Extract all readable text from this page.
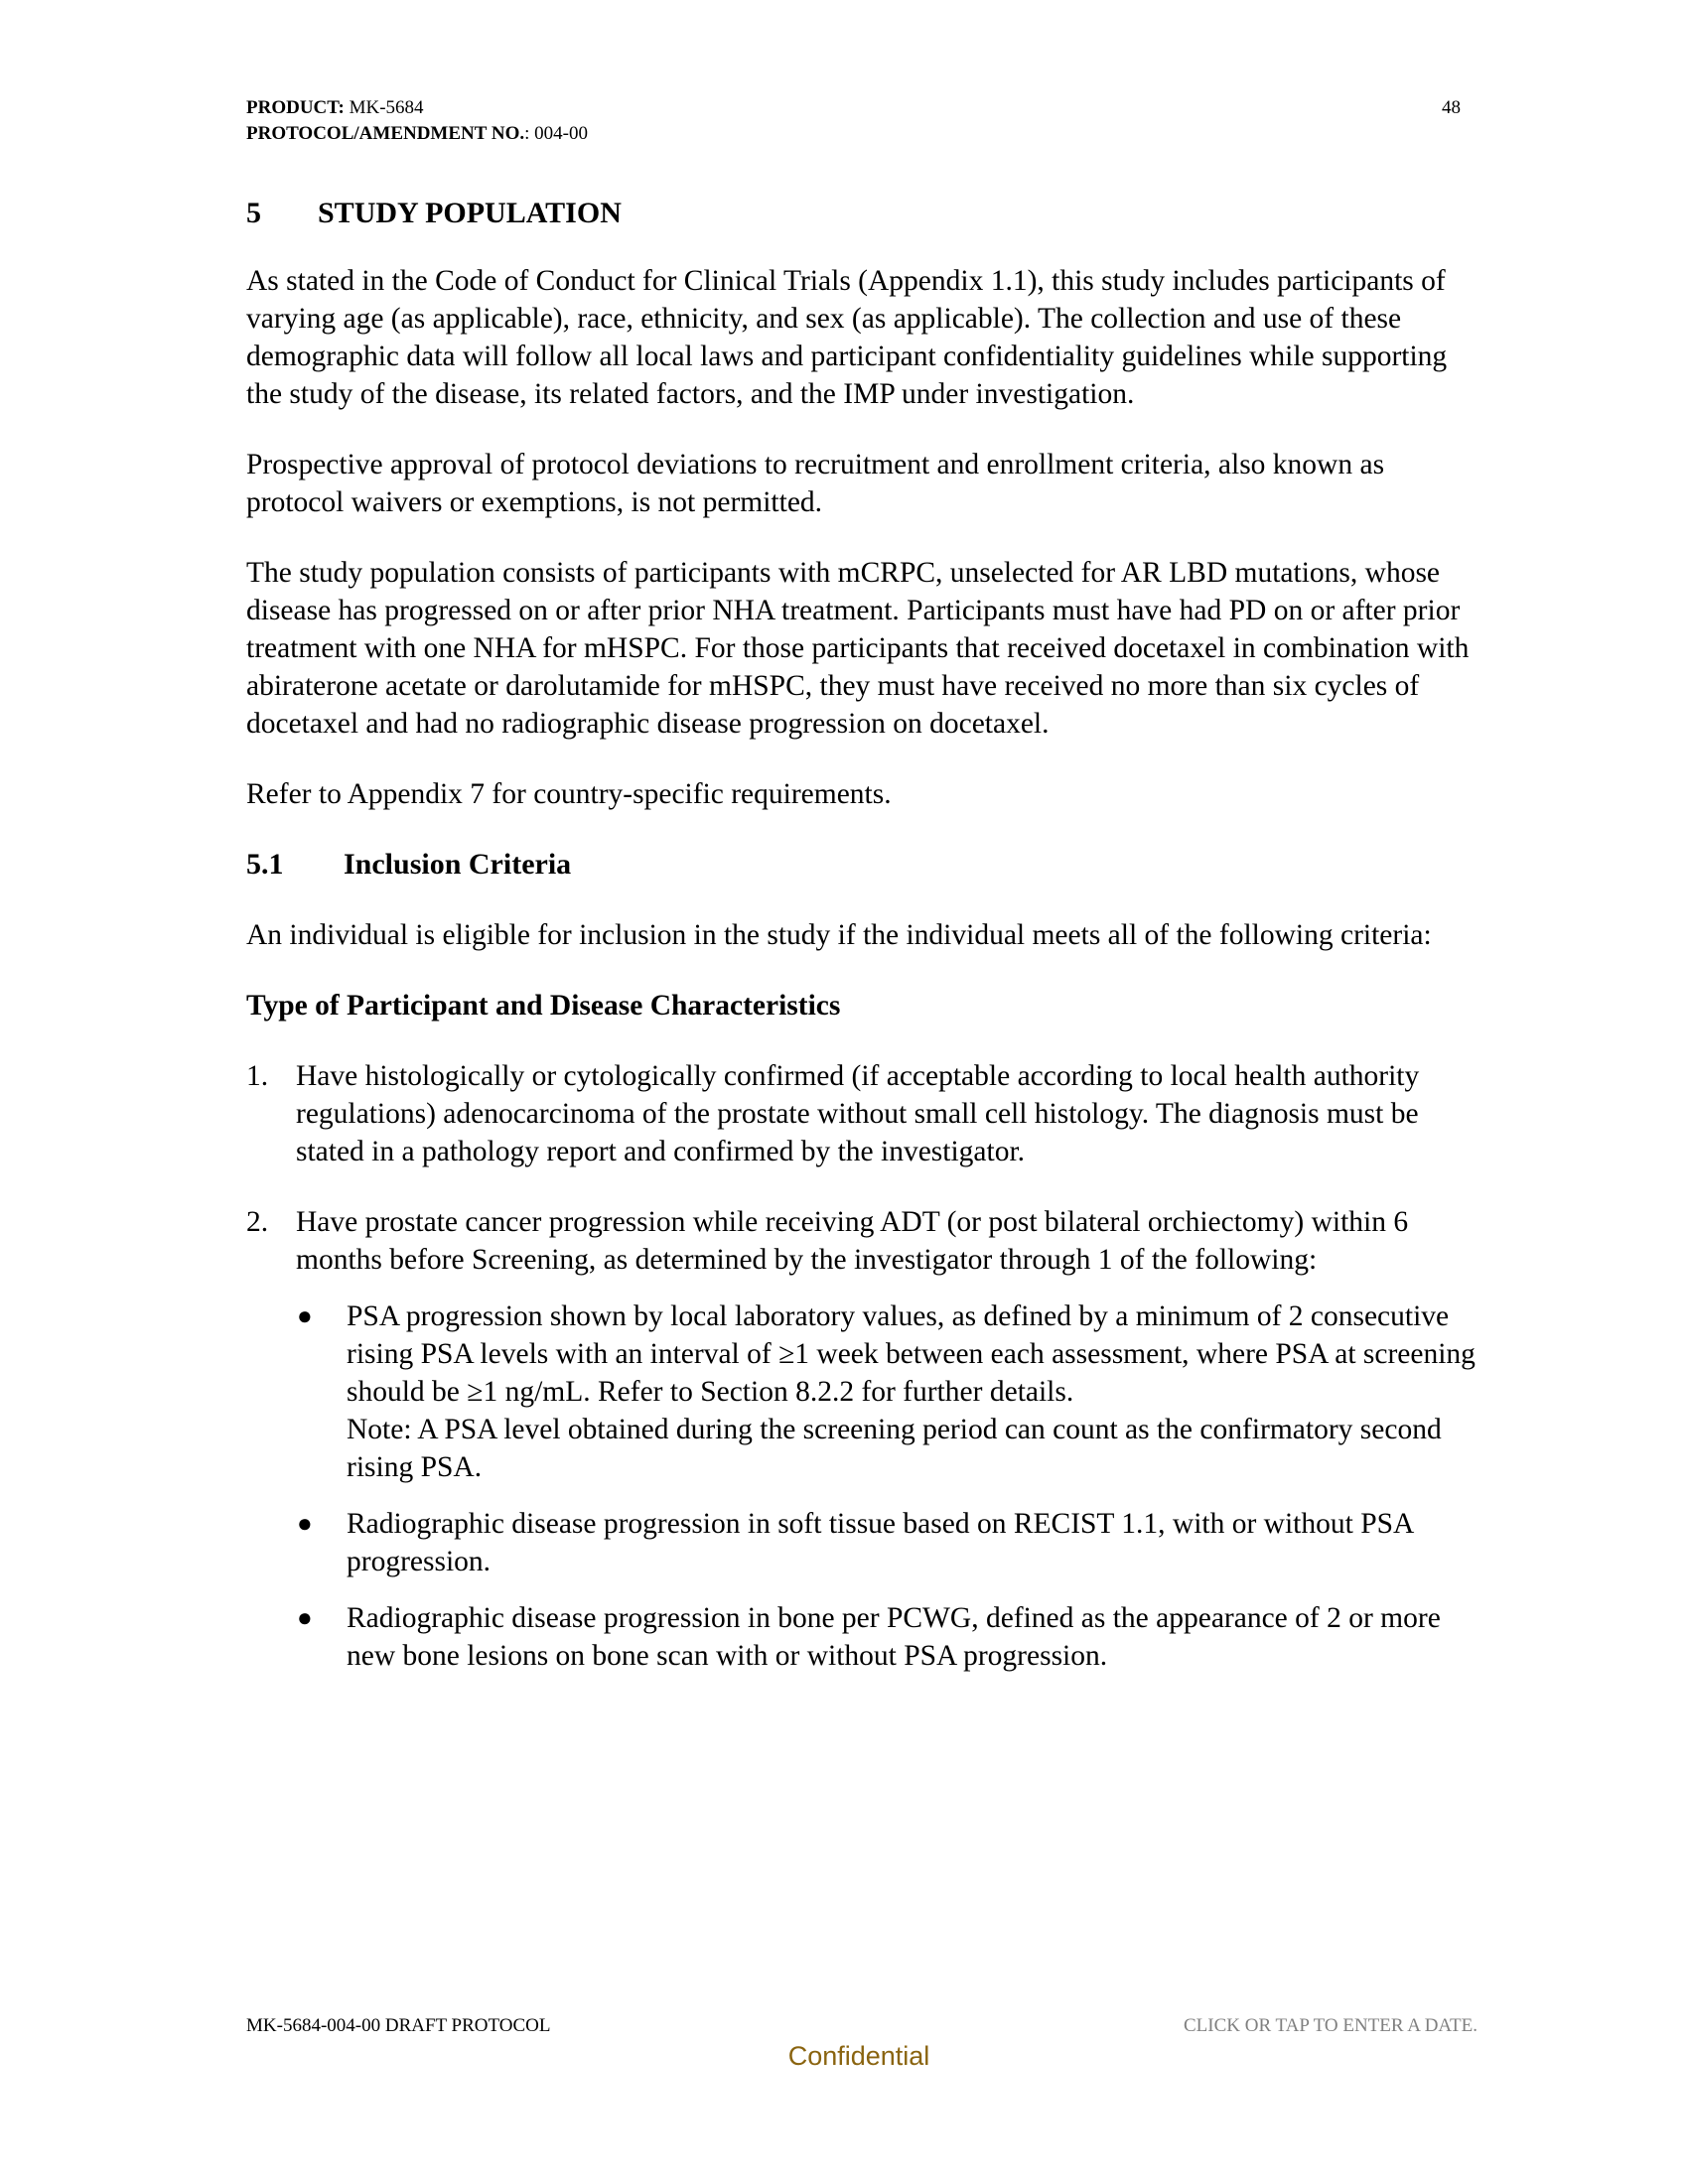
PRODUCT: MK-5684
PROTOCOL/AMENDMENT NO.: 004-00
48
5	STUDY POPULATION

As stated in the Code of Conduct for Clinical Trials (Appendix 1.1), this study includes participants of varying age (as applicable), race, ethnicity, and sex (as applicable). The collection and use of these demographic data will follow all local laws and participant confidentiality guidelines while supporting the study of the disease, its related factors, and the IMP under investigation.

Prospective approval of protocol deviations to recruitment and enrollment criteria, also known as protocol waivers or exemptions, is not permitted.

The study population consists of participants with mCRPC, unselected for AR LBD mutations, whose disease has progressed on or after prior NHA treatment. Participants must have had PD on or after prior treatment with one NHA for mHSPC. For those participants that received docetaxel in combination with abiraterone acetate or darolutamide for mHSPC, they must have received no more than six cycles of docetaxel and had no radiographic disease progression on docetaxel.

Refer to Appendix 7 for country-specific requirements.

5.1	Inclusion Criteria

An individual is eligible for inclusion in the study if the individual meets all of the following criteria:

Type of Participant and Disease Characteristics
1. Have histologically or cytologically confirmed (if acceptable according to local health authority regulations) adenocarcinoma of the prostate without small cell histology. The diagnosis must be stated in a pathology report and confirmed by the investigator.
2. Have prostate cancer progression while receiving ADT (or post bilateral orchiectomy) within 6 months before Screening, as determined by the investigator through 1 of the following:
●	PSA progression shown by local laboratory values, as defined by a minimum of 2 consecutive rising PSA levels with an interval of ≥1 week between each assessment, where PSA at screening should be ≥1 ng/mL. Refer to Section 8.2.2 for further details.
Note: A PSA level obtained during the screening period can count as the confirmatory second rising PSA.
●	Radiographic disease progression in soft tissue based on RECIST 1.1, with or without PSA progression.
●	Radiographic disease progression in bone per PCWG, defined as the appearance of 2 or more new bone lesions on bone scan with or without PSA progression.
MK-5684-004-00 DRAFT PROTOCOL	CLICK OR TAP TO ENTER A DATE.
Confidential
